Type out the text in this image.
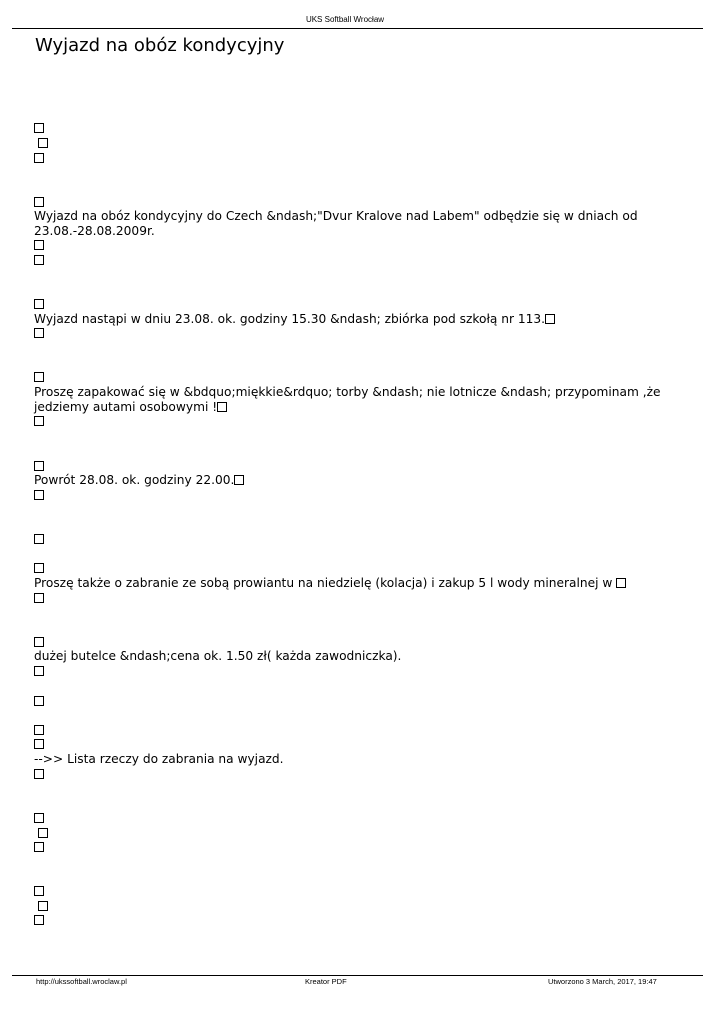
UKS Softball Wrocław
Wyjazd na obóz kondycyjny

Wyjazd na obóz kondycyjny do Czech &ndash;"Dvur Kralove nad Labem" odbędzie się w dniach od
23.08.-28.08.2009r.
Wyjazd nastąpi w dniu 23.08. ok. godziny 15.30 &ndash; zbiórka pod szkołą nr 113.
Proszę zapakować się w &bdquo;miękkie&rdquo; torby &ndash; nie lotnicze &ndash; przypominam ,że
jedziemy autami osobowymi !
Powrót 28.08. ok. godziny 22.00.
Proszę także o zabranie ze sobą prowiantu na niedzielę (kolacja) i zakup 5 l wody mineralnej w
dużej butelce &ndash;cena ok. 1.50 zł( każda zawodniczka).
-->> Lista rzeczy do zabrania na wyjazd.

http://ukssoftball.wroclaw.pl	Kreator PDF	Utworzono 3 March, 2017, 19:47
